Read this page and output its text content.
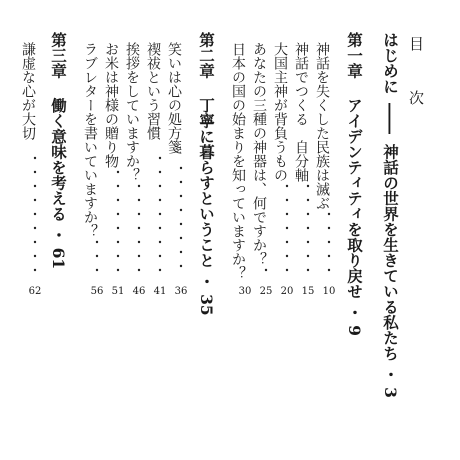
目　次
はじめに ―― 神話の世界を生きている私たち ・ 3
第一章  アイデンティティを取り戻せ ・ 9
神話を失くした民族は滅ぶ
神話でつくる　自分軸
大国主神が背負うもの
あなたの三種の神器は、何ですか？
日本の国の始まりを知っていますか？
第二章  丁寧に暮らすということ ・ 35
笑いは心の処方箋
禊祓という習慣
挨拶をしていますか？
お米は神様の贈り物
ラブレターを書いていますか？
第三章  働く意味を考える ・ 61
謙虚な心が大切
10
15
20
25
30
36
41
46
51
56
62
